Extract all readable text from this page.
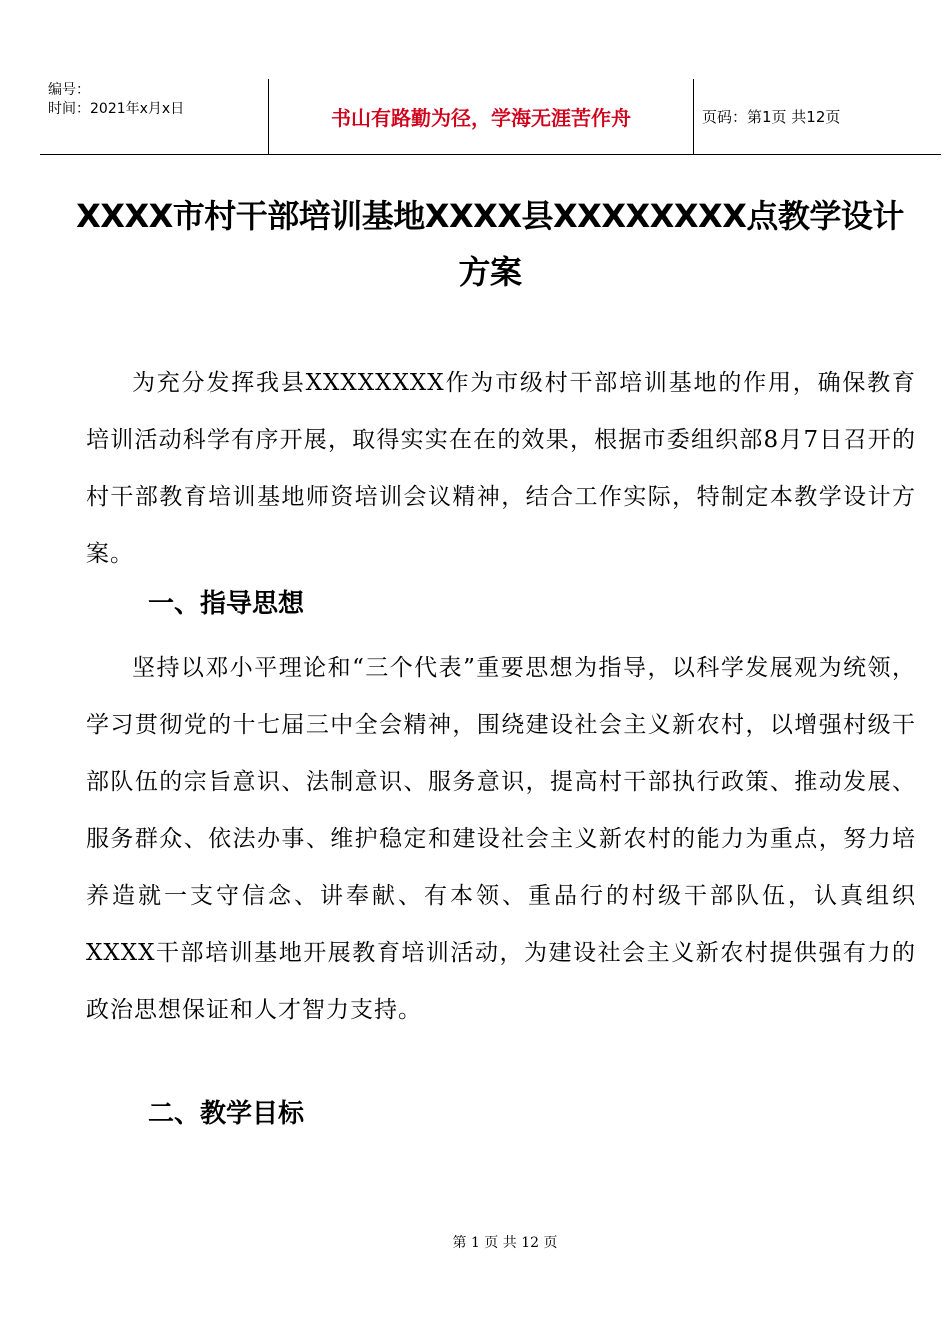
编号：
时间：2021年x月x日	书山有路勤为径，学海无涯苦作舟	页码：第1页 共12页
XXXX市村干部培训基地XXXX县XXXXXXXX点教学设计方案

为充分发挥我县XXXXXXXX作为市级村干部培训基地的作用，确保教育培训活动科学有序开展，取得实实在在的效果，根据市委组织部8月7日召开的村干部教育培训基地师资培训会议精神，结合工作实际，特制定本教学设计方案。

一、指导思想

坚持以邓小平理论和“三个代表”重要思想为指导，以科学发展观为统领，学习贯彻党的十七届三中全会精神，围绕建设社会主义新农村，以增强村级干部队伍的宗旨意识、法制意识、服务意识，提高村干部执行政策、推动发展、服务群众、依法办事、维护稳定和建设社会主义新农村的能力为重点，努力培养造就一支守信念、讲奉献、有本领、重品行的村级干部队伍，认真组织XXXX干部培训基地开展教育培训活动，为建设社会主义新农村提供强有力的政治思想保证和人才智力支持。

二、教学目标
第 1 页 共 12 页
